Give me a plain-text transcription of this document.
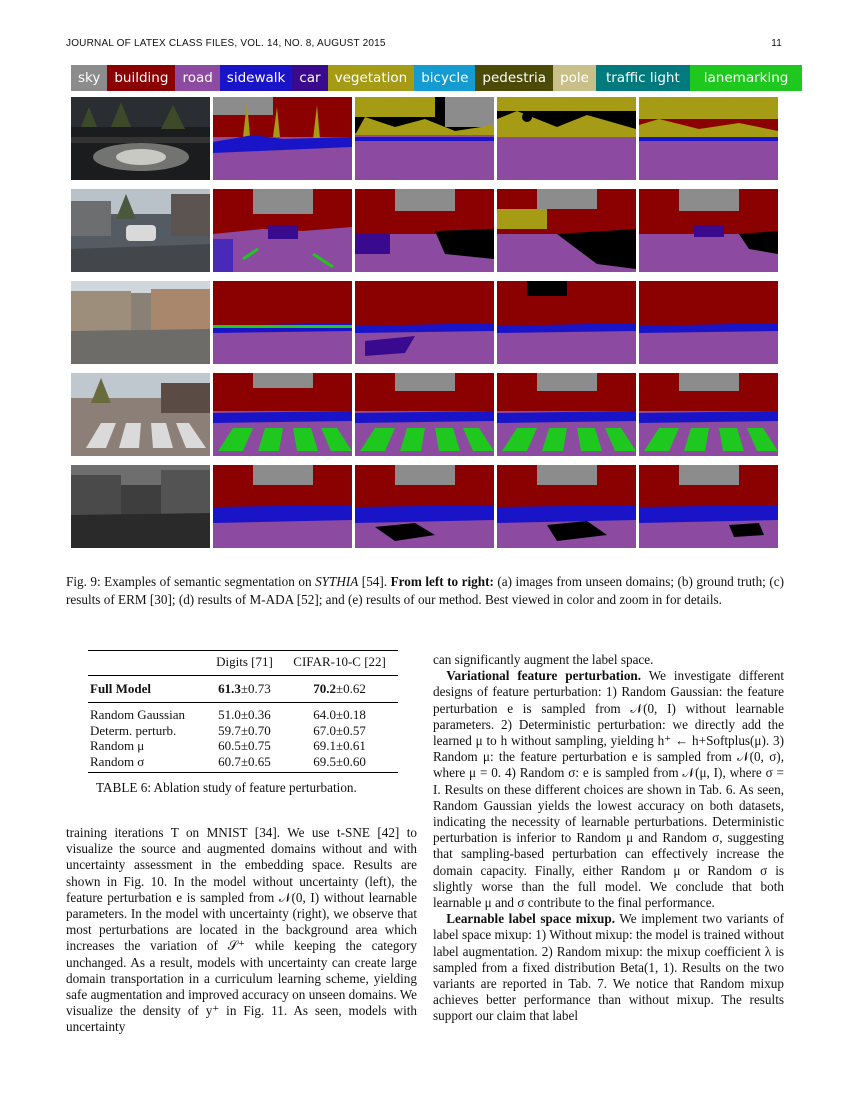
JOURNAL OF LATEX CLASS FILES, VOL. 14, NO. 8, AUGUST 2015	11
sky	building	road	sidewalk	car	vegetation	bicycle	pedestria	pole	traffic light	lanemarking
Fig. 9: Examples of semantic segmentation on SYTHIA [54]. From left to right: (a) images from unseen domains; (b) ground truth; (c) results of ERM [30]; (d) results of M-ADA [52]; and (e) results of our method. Best viewed in color and zoom in for details.
	Digits [71]	CIFAR-10-C [22]
Full Model	61.3±0.73	70.2±0.62
Random Gaussian	51.0±0.36	64.0±0.18
Determ. perturb.	59.7±0.70	67.0±0.57
Random μ	60.5±0.75	69.1±0.61
Random σ	60.7±0.65	69.5±0.60
TABLE 6: Ablation study of feature perturbation.

training iterations T on MNIST [34]. We use t-SNE [42] to visualize the source and augmented domains without and with uncertainty assessment in the embedding space. Results are shown in Fig. 10. In the model without uncertainty (left), the feature perturbation e is sampled from 𝒩(0, I) without learnable parameters. In the model with uncertainty (right), we observe that most perturbations are located in the background area which increases the variation of 𝒮⁺ while keeping the category unchanged. As a result, models with uncertainty can create large domain transportation in a curriculum learning scheme, yielding safe augmentation and improved accuracy on unseen domains. We visualize the density of y⁺ in Fig. 11. As seen, models with uncertainty

can significantly augment the label space.

Variational feature perturbation. We investigate different designs of feature perturbation: 1) Random Gaussian: the feature perturbation e is sampled from 𝒩(0, I) without learnable parameters. 2) Deterministic perturbation: we directly add the learned μ to h without sampling, yielding h⁺ ← h+Softplus(μ). 3) Random μ: the feature perturbation e is sampled from 𝒩(0, σ), where μ = 0. 4) Random σ: e is sampled from 𝒩(μ, I), where σ = I. Results on these different choices are shown in Tab. 6. As seen, Random Gaussian yields the lowest accuracy on both datasets, indicating the necessity of learnable perturbations. Deterministic perturbation is inferior to Random μ and Random σ, suggesting that sampling-based perturbation can effectively increase the domain capacity. Finally, either Random μ or Random σ is slightly worse than the full model. We conclude that both learnable μ and σ contribute to the final performance.

Learnable label space mixup. We implement two variants of label space mixup: 1) Without mixup: the model is trained without label augmentation. 2) Random mixup: the mixup coefficient λ is sampled from a fixed distribution Beta(1, 1). Results on the two variants are reported in Tab. 7. We notice that Random mixup achieves better performance than without mixup. The results support our claim that label
